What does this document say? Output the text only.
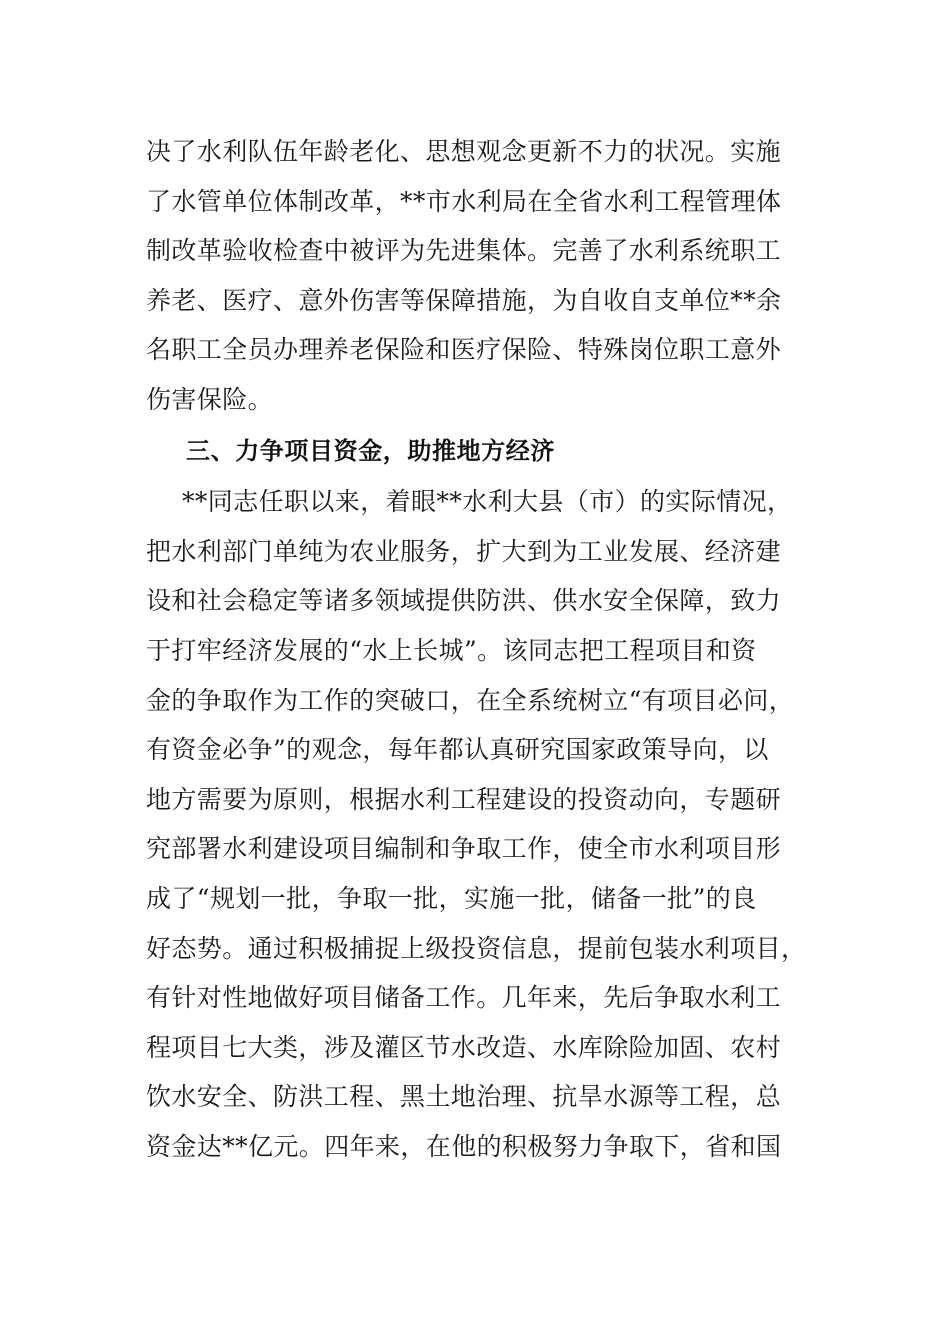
决了水利队伍年龄老化、思想观念更新不力的状况。实施
了水管单位体制改革，**市水利局在全省水利工程管理体
制改革验收检查中被评为先进集体。完善了水利系统职工
养老、医疗、意外伤害等保障措施，为自收自支单位**余
名职工全员办理养老保险和医疗保险、特殊岗位职工意外
伤害保险。
三、力争项目资金，助推地方经济
**同志任职以来，着眼**水利大县（市）的实际情况，
把水利部门单纯为农业服务，扩大到为工业发展、经济建
设和社会稳定等诸多领域提供防洪、供水安全保障，致力
于打牢经济发展的“水上长城”。该同志把工程项目和资
金的争取作为工作的突破口，在全系统树立“有项目必问，
有资金必争”的观念，每年都认真研究国家政策导向，以
地方需要为原则，根据水利工程建设的投资动向，专题研
究部署水利建设项目编制和争取工作，使全市水利项目形
成了“规划一批，争取一批，实施一批，储备一批”的良
好态势。通过积极捕捉上级投资信息，提前包装水利项目，
有针对性地做好项目储备工作。几年来，先后争取水利工
程项目七大类，涉及灌区节水改造、水库除险加固、农村
饮水安全、防洪工程、黑土地治理、抗旱水源等工程，总
资金达**亿元。四年来，在他的积极努力争取下，省和国
